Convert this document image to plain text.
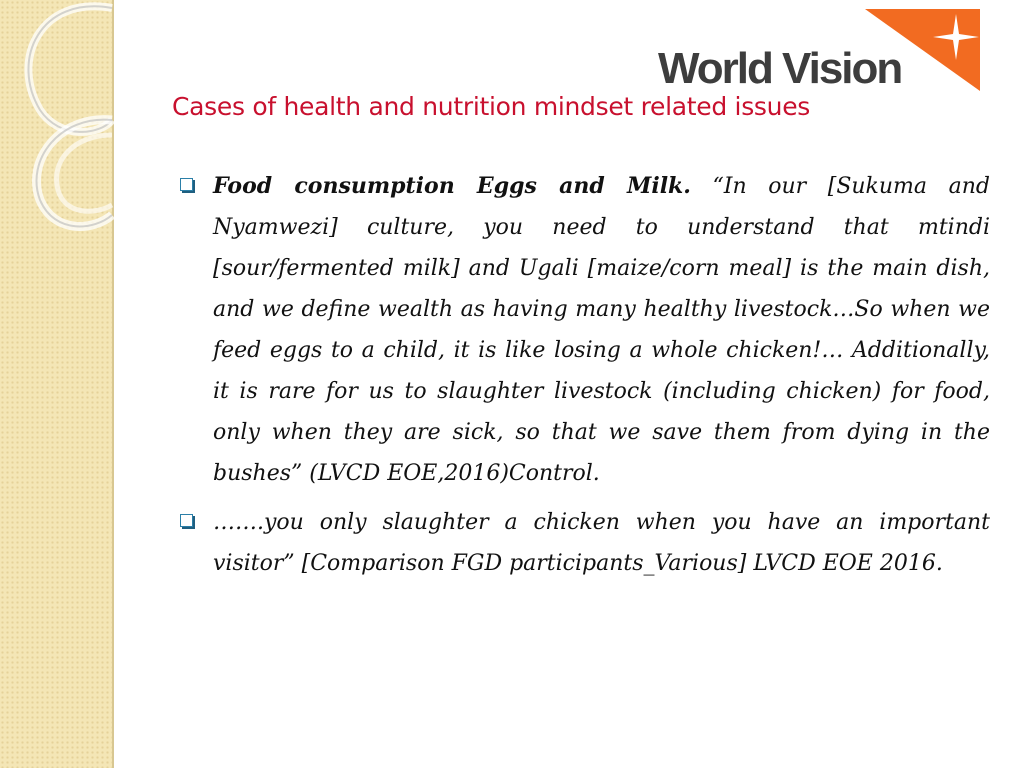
World Vision
Cases of health and nutrition mindset related issues
Food consumption Eggs and Milk. “In our [Sukuma and Nyamwezi] culture, you need to understand that mtindi [sour/fermented milk] and Ugali [maize/corn meal] is the main dish, and we define wealth as having many healthy livestock…So when we feed eggs to a child, it is like losing a whole chicken!… Additionally, it is rare for us to slaughter livestock (including chicken) for food, only when they are sick, so that we save them from dying in the bushes” (LVCD EOE,2016)Control.
…….you only slaughter a chicken when you have an important visitor” [Comparison FGD participants_Various] LVCD EOE 2016.
